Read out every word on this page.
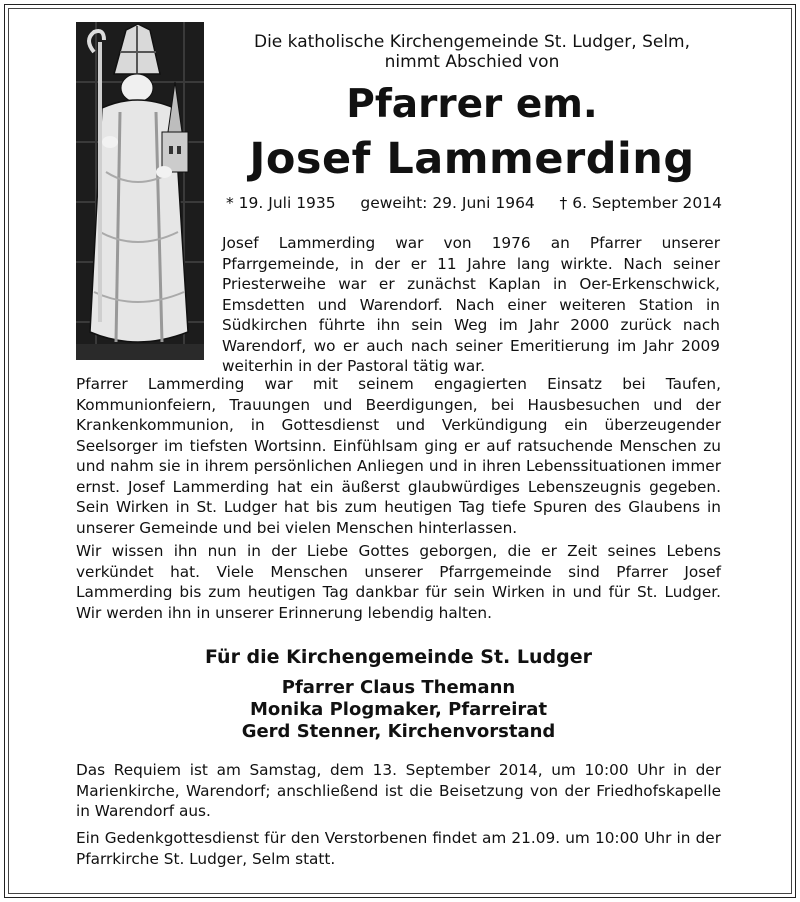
Die katholische Kirchengemeinde St. Ludger, Selm,
nimmt Abschied von
Pfarrer em.
Josef Lammerding
* 19. Juli 1935 geweiht: 29. Juni 1964 † 6. September 2014

Josef Lammerding war von 1976 an Pfarrer unserer Pfarrgemeinde, in der er 11 Jahre lang wirkte. Nach seiner Priesterweihe war er zunächst Kaplan in Oer-Erkenschwick, Emsdetten und Warendorf. Nach einer weiteren Station in Südkirchen führte ihn sein Weg im Jahr 2000 zurück nach Warendorf, wo er auch nach seiner Emeritierung im Jahr 2009 weiterhin in der Pastoral tätig war.

Pfarrer Lammerding war mit seinem engagierten Einsatz bei Taufen, Kommunionfeiern, Trauungen und Beerdigungen, bei Hausbesuchen und der Krankenkommunion, in Gottesdienst und Verkündigung ein überzeugender Seelsorger im tiefsten Wortsinn. Einfühlsam ging er auf ratsuchende Menschen zu und nahm sie in ihrem persönlichen Anliegen und in ihren Lebenssituationen immer ernst. Josef Lammerding hat ein äußerst glaubwürdiges Lebenszeugnis gegeben. Sein Wirken in St. Ludger hat bis zum heutigen Tag tiefe Spuren des Glaubens in unserer Gemeinde und bei vielen Menschen hinterlassen.

Wir wissen ihn nun in der Liebe Gottes geborgen, die er Zeit seines Lebens verkündet hat. Viele Menschen unserer Pfarrgemeinde sind Pfarrer Josef Lammerding bis zum heutigen Tag dankbar für sein Wirken in und für St. Ludger. Wir werden ihn in unserer Erinnerung lebendig halten.

Für die Kirchengemeinde St. Ludger
Pfarrer Claus Themann
Monika Plogmaker, Pfarreirat
Gerd Stenner, Kirchenvorstand

Das Requiem ist am Samstag, dem 13. September 2014, um 10:00 Uhr in der Marienkirche, Warendorf; anschließend ist die Beisetzung von der Friedhofskapelle in Warendorf aus.

Ein Gedenkgottesdienst für den Verstorbenen findet am 21.09. um 10:00 Uhr in der Pfarrkirche St. Ludger, Selm statt.
